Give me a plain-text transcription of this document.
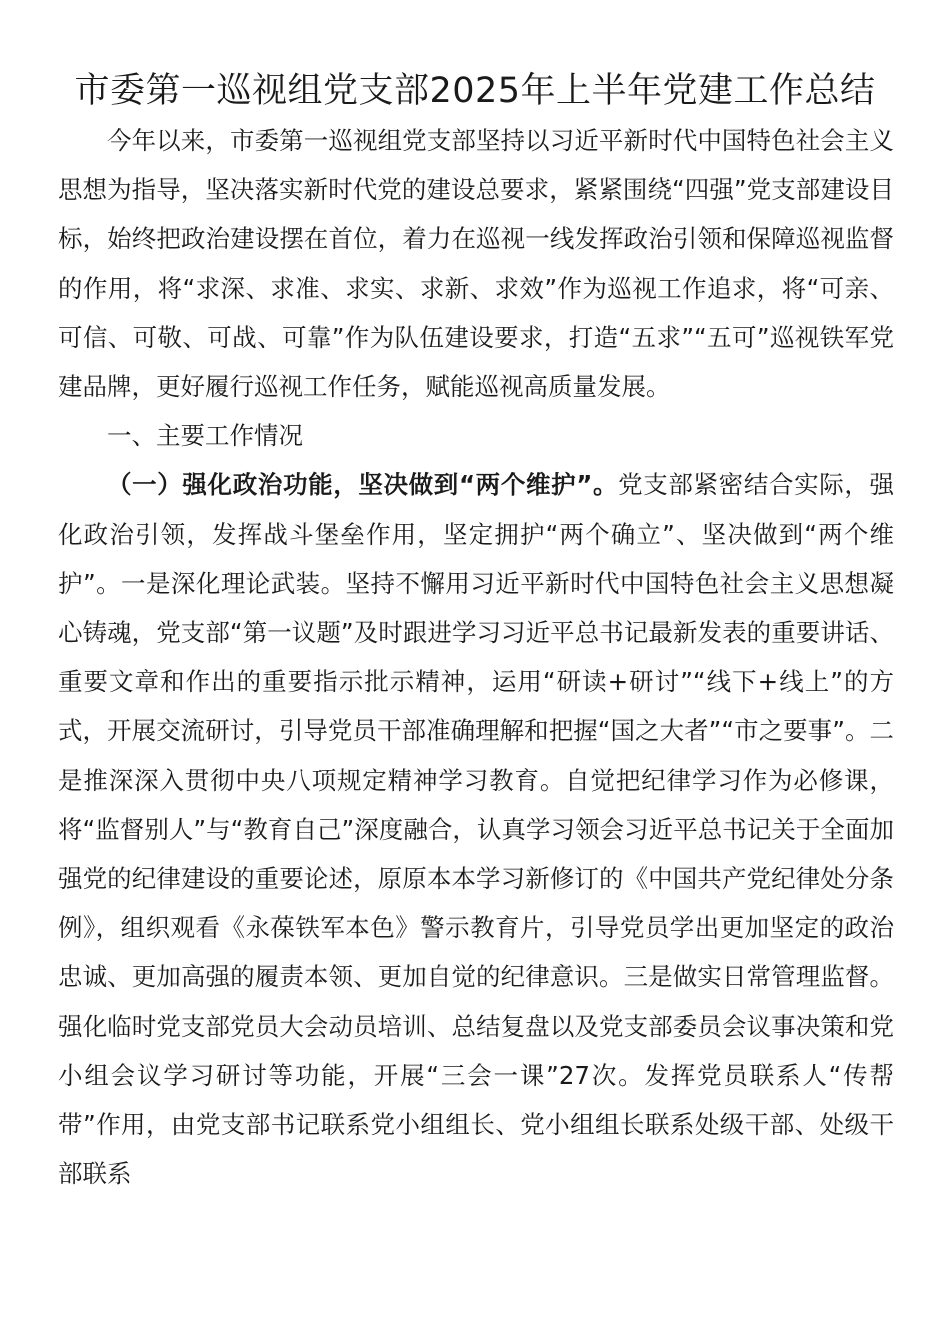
市委第一巡视组党支部2025年上半年党建工作总结

今年以来，市委第一巡视组党支部坚持以习近平新时代中国特色社会主义思想为指导，坚决落实新时代党的建设总要求，紧紧围绕“四强”党支部建设目标，始终把政治建设摆在首位，着力在巡视一线发挥政治引领和保障巡视监督的作用，将“求深、求准、求实、求新、求效”作为巡视工作追求，将“可亲、可信、可敬、可战、可靠”作为队伍建设要求，打造“五求”“五可”巡视铁军党建品牌，更好履行巡视工作任务，赋能巡视高质量发展。

一、主要工作情况

（一）强化政治功能，坚决做到“两个维护”。党支部紧密结合实际，强化政治引领，发挥战斗堡垒作用，坚定拥护“两个确立”、坚决做到“两个维护”。一是深化理论武装。坚持不懈用习近平新时代中国特色社会主义思想凝心铸魂，党支部“第一议题”及时跟进学习习近平总书记最新发表的重要讲话、重要文章和作出的重要指示批示精神，运用“研读+研讨”“线下+线上”的方式，开展交流研讨，引导党员干部准确理解和把握“国之大者”“市之要事”。二是推深深入贯彻中央八项规定精神学习教育。自觉把纪律学习作为必修课，将“监督别人”与“教育自己”深度融合，认真学习领会习近平总书记关于全面加强党的纪律建设的重要论述，原原本本学习新修订的《中国共产党纪律处分条例》，组织观看《永葆铁军本色》警示教育片，引导党员学出更加坚定的政治忠诚、更加高强的履责本领、更加自觉的纪律意识。三是做实日常管理监督。强化临时党支部党员大会动员培训、总结复盘以及党支部委员会议事决策和党小组会议学习研讨等功能，开展“三会一课”27次。发挥党员联系人“传帮带”作用，由党支部书记联系党小组组长、党小组组长联系处级干部、处级干部联系
